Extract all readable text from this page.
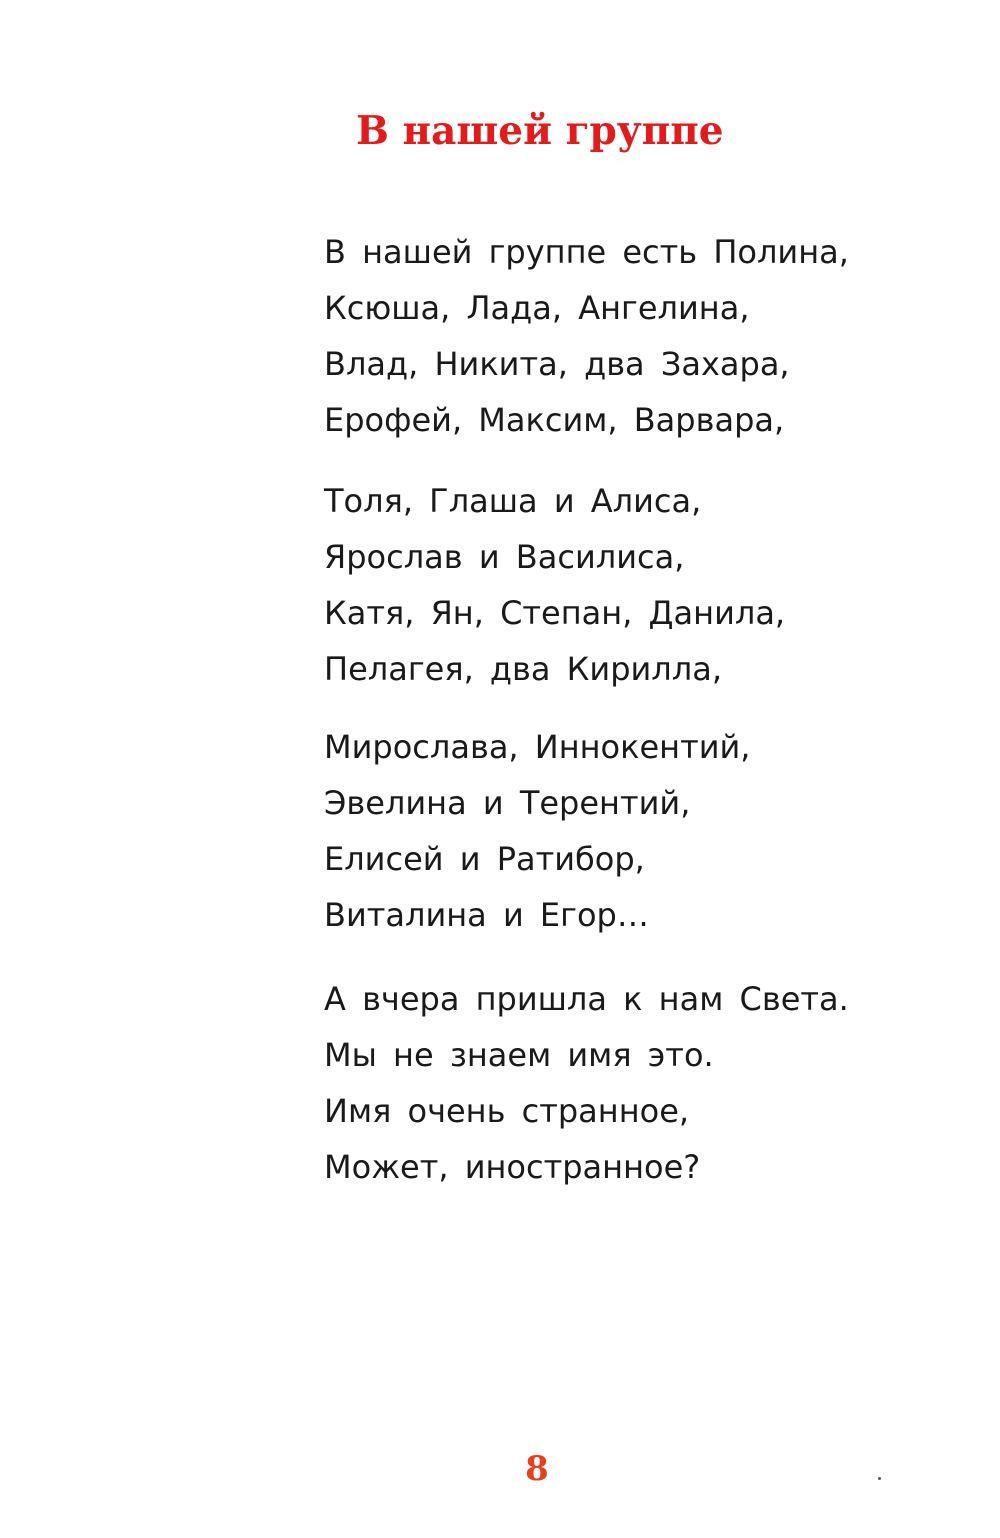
В нашей группе
В нашей группе есть Полина,
Ксюша, Лада, Ангелина,
Влад, Никита, два Захара,
Ерофей, Максим, Варвара,
Толя, Глаша и Алиса,
Ярослав и Василиса,
Катя, Ян, Степан, Данила,
Пелагея, два Кирилла,
Мирослава, Иннокентий,
Эвелина и Терентий,
Елисей и Ратибор,
Виталина и Егор…
А вчера пришла к нам Света.
Мы не знаем имя это.
Имя очень странное,
Может, иностранное?
8
